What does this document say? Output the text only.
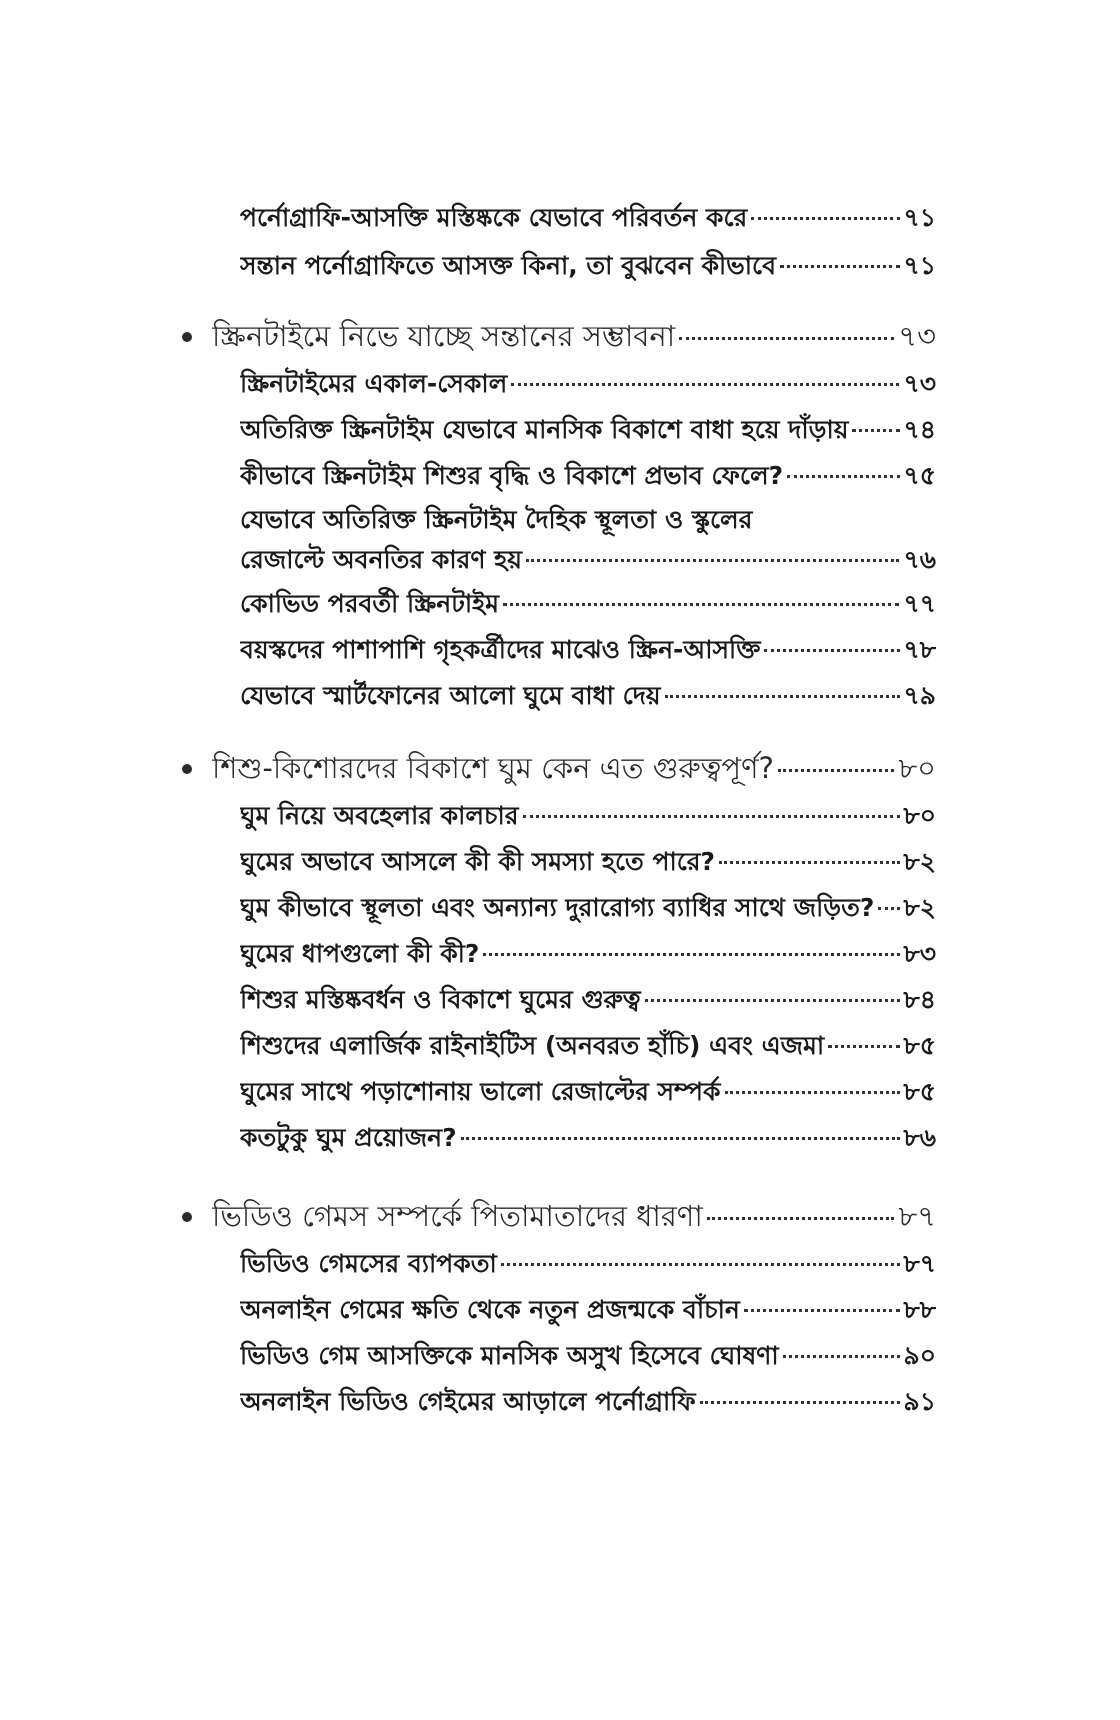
পর্নোগ্রাফি-আসক্তি মস্তিষ্ককে যেভাবে পরিবর্তন করে	৭১
সন্তান পর্নোগ্রাফিতে আসক্ত কিনা, তা বুঝবেন কীভাবে	৭১
স্ক্রিনটাইমে নিভে যাচ্ছে সন্তানের সম্ভাবনা	৭৩
স্ক্রিনটাইমের একাল-সেকাল	৭৩
অতিরিক্ত স্ক্রিনটাইম যেভাবে মানসিক বিকাশে বাধা হয়ে দাঁড়ায় ৭৪
কীভাবে স্ক্রিনটাইম শিশুর বৃদ্ধি ও বিকাশে প্রভাব ফেলে?	৭৫
যেভাবে অতিরিক্ত স্ক্রিনটাইম দৈহিক স্থূলতা ও স্কুলের
রেজাল্টে অবনতির কারণ হয়	৭৬
কোভিড পরবর্তী স্ক্রিনটাইম	৭৭
বয়স্কদের পাশাপাশি গৃহকর্ত্রীদের মাঝেও স্ক্রিন-আসক্তি	৭৮
যেভাবে স্মার্টফোনের আলো ঘুমে বাধা দেয়	৭৯
শিশু-কিশোরদের বিকাশে ঘুম কেন এত গুরুত্বপূর্ণ?	৮০
ঘুম নিয়ে অবহেলার কালচার	৮০
ঘুমের অভাবে আসলে কী কী সমস্যা হতে পারে?	৮২
ঘুম কীভাবে স্থূলতা এবং অন্যান্য দুরারোগ্য ব্যাধির সাথে জড়িত? ৮২
ঘুমের ধাপগুলো কী কী?	৮৩
শিশুর মস্তিষ্কবর্ধন ও বিকাশে ঘুমের গুরুত্ব	৮৪
শিশুদের এলার্জিক রাইনাইটিস (অনবরত হাঁচি) এবং এজমা	৮৫
ঘুমের সাথে পড়াশোনায় ভালো রেজাল্টের সম্পর্ক	৮৫
কতটুকু ঘুম প্রয়োজন?	৮৬
ভিডিও গেমস সম্পর্কে পিতামাতাদের ধারণা	৮৭
ভিডিও গেমসের ব্যাপকতা	৮৭
অনলাইন গেমের ক্ষতি থেকে নতুন প্রজন্মকে বাঁচান	৮৮
ভিডিও গেম আসক্তিকে মানসিক অসুখ হিসেবে ঘোষণা	৯০
অনলাইন ভিডিও গেইমের আড়ালে পর্নোগ্রাফি	৯১
